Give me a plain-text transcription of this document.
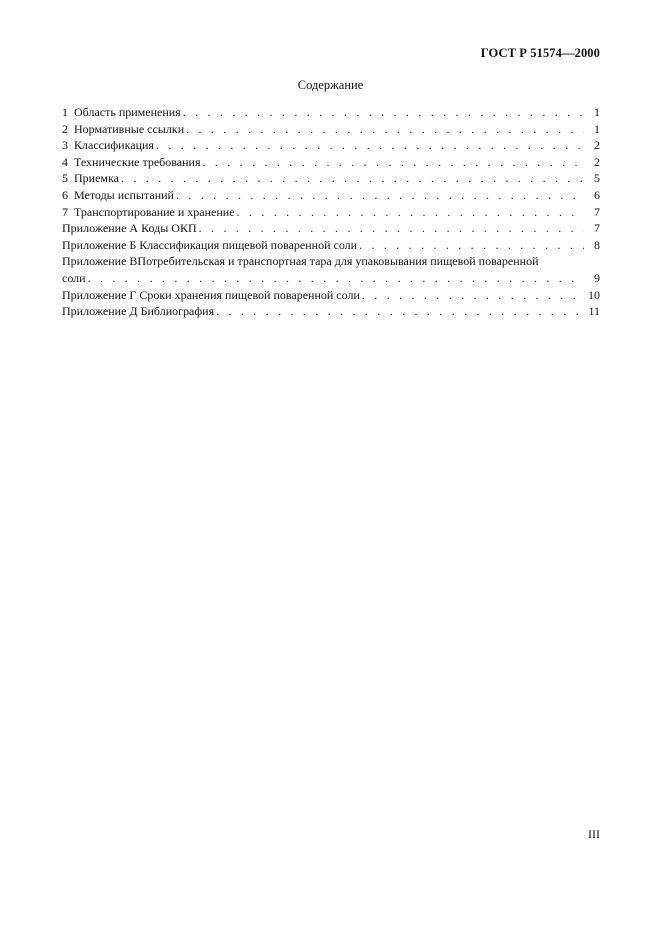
ГОСТ Р 51574—2000
Содержание
1 Область применения . . .	1
2 Нормативные ссылки . . .	1
3 Классификация . . .	2
4 Технические требования . . .	2
5 Приемка . . .	5
6 Методы испытаний . . .	6
7 Транспортирование и хранение . . .	7
Приложение А Коды ОКП . . .	7
Приложение Б Классификация пищевой поваренной соли . . .	8
Приложение ВПотребительская и транспортная тара для упаковывания пищевой поваренной
соли . . .	9
Приложение Г Сроки хранения пищевой поваренной соли . . .	10
Приложение Д Библиография . . .	11
III
